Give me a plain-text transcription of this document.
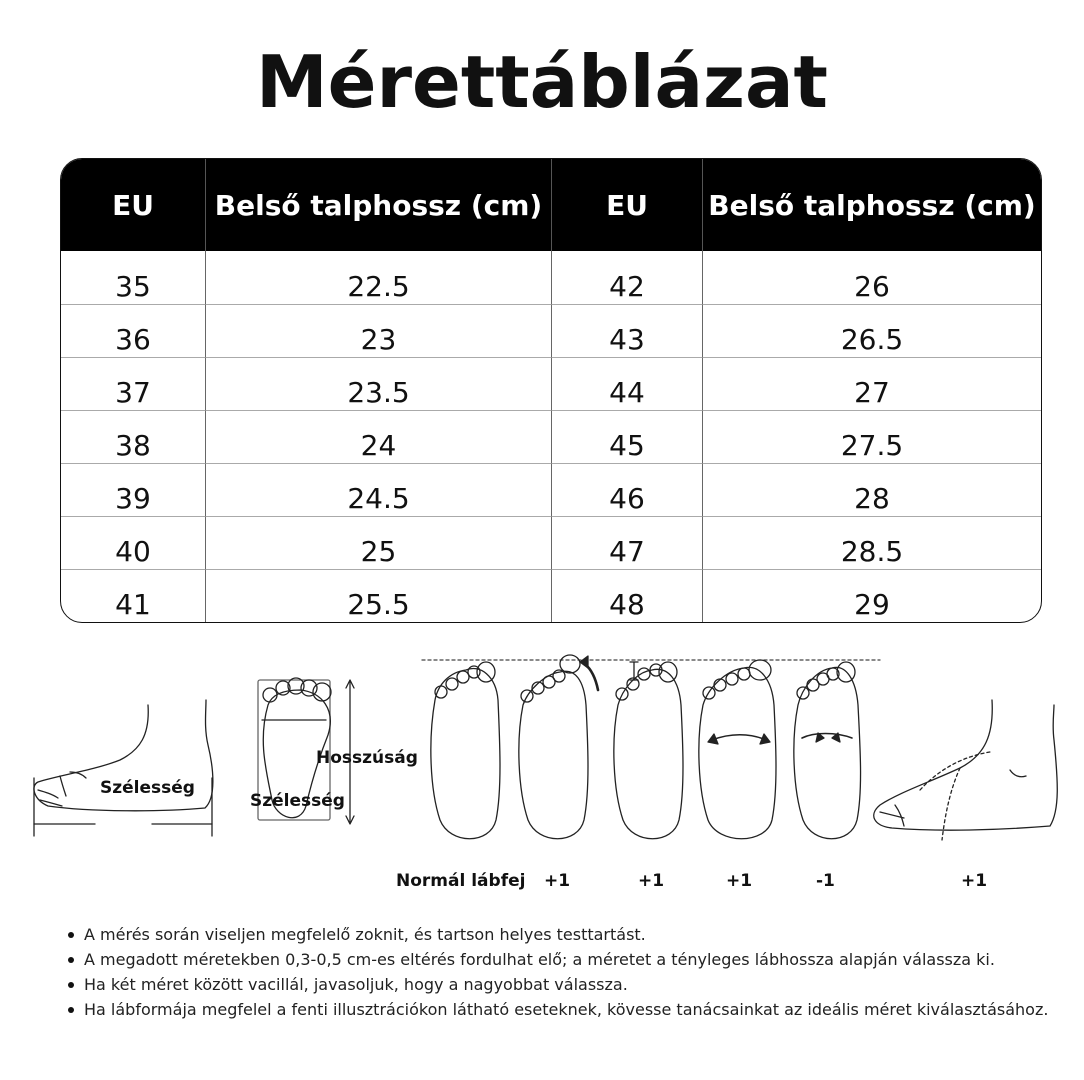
Mérettáblázat
EU	Belső talphossz (cm)	EU	Belső talphossz (cm)
35	22.5	42	26
36	23	43	26.5
37	23.5	44	27
38	24	45	27.5
39	24.5	46	28
40	25	47	28.5
41	25.5	48	29
Szélesség
Hosszúság
Szélesség
Normál lábfej +1	+1	+1	-1	+1
A mérés során viseljen megfelelő zoknit, és tartson helyes testtartást.
A megadott méretekben 0,3-0,5 cm-es eltérés fordulhat elő; a méretet a tényleges lábhossza alapján válassza ki.
Ha két méret között vacillál, javasoljuk, hogy a nagyobbat válassza.
Ha lábformája megfelel a fenti illusztrációkon látható eseteknek, kövesse tanácsainkat az ideális méret kiválasztásához.
